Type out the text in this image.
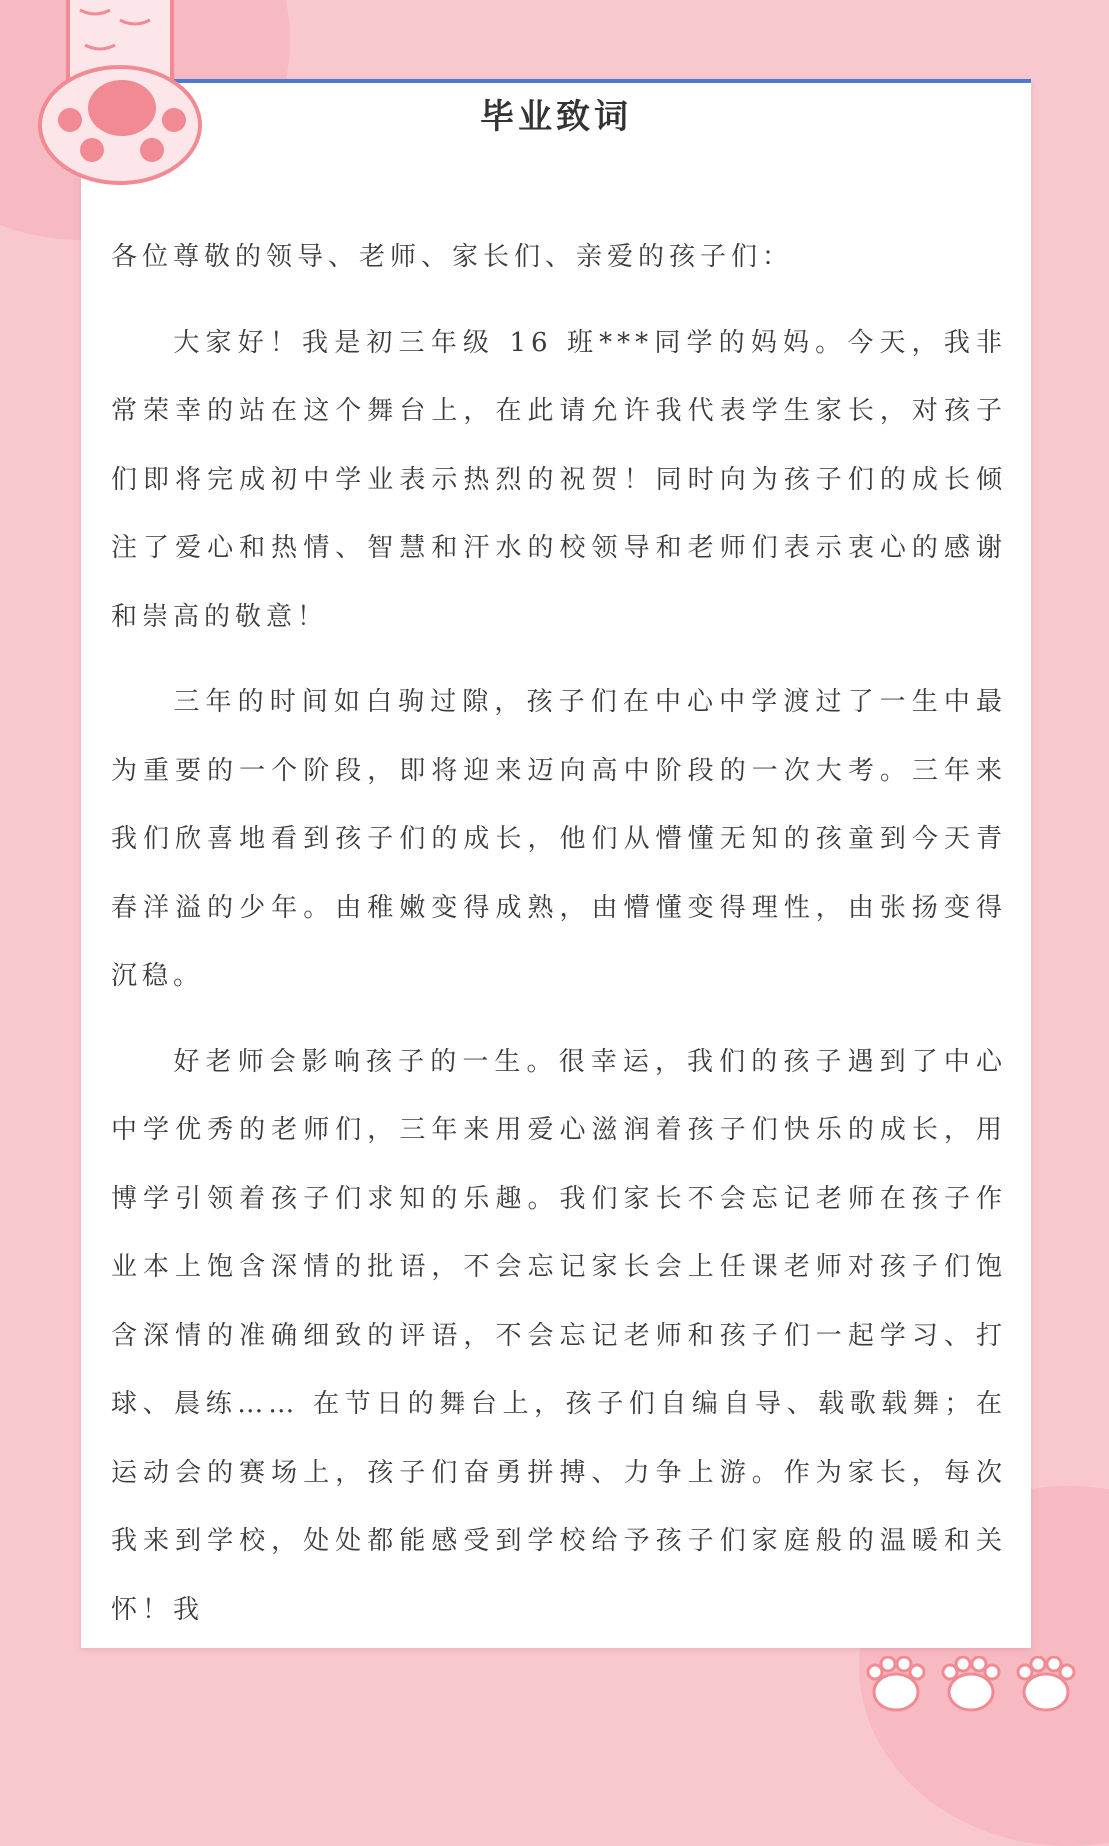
毕业致词

各位尊敬的领导、老师、家长们、亲爱的孩子们：

大家好！我是初三年级 16 班***同学的妈妈。今天，我非常荣幸的站在这个舞台上，在此请允许我代表学生家长，对孩子们即将完成初中学业表示热烈的祝贺！同时向为孩子们的成长倾注了爱心和热情、智慧和汗水的校领导和老师们表示衷心的感谢和崇高的敬意！

三年的时间如白驹过隙，孩子们在中心中学渡过了一生中最为重要的一个阶段，即将迎来迈向高中阶段的一次大考。三年来我们欣喜地看到孩子们的成长，他们从懵懂无知的孩童到今天青春洋溢的少年。由稚嫩变得成熟，由懵懂变得理性，由张扬变得沉稳。

好老师会影响孩子的一生。很幸运，我们的孩子遇到了中心中学优秀的老师们，三年来用爱心滋润着孩子们快乐的成长，用博学引领着孩子们求知的乐趣。我们家长不会忘记老师在孩子作业本上饱含深情的批语，不会忘记家长会上任课老师对孩子们饱含深情的准确细致的评语，不会忘记老师和孩子们一起学习、打球、晨练…… 在节日的舞台上，孩子们自编自导、载歌载舞；在运动会的赛场上，孩子们奋勇拼搏、力争上游。作为家长，每次我来到学校，处处都能感受到学校给予孩子们家庭般的温暖和关怀！我
